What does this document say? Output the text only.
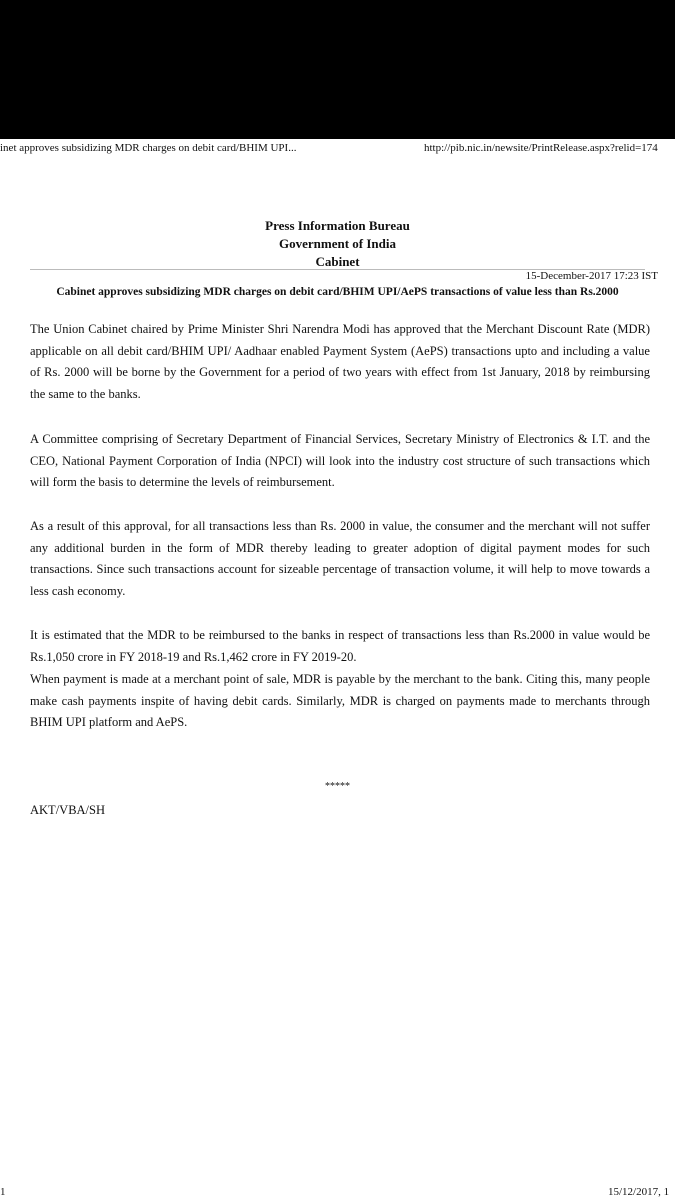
inet approves subsidizing MDR charges on debit card/BHIM UPI...	http://pib.nic.in/newsite/PrintRelease.aspx?relid=174
Press Information Bureau
Government of India
Cabinet
15-December-2017 17:23 IST
Cabinet approves subsidizing MDR charges on debit card/BHIM UPI/AePS transactions of value less than Rs.2000

The Union Cabinet chaired by Prime Minister Shri Narendra Modi has approved that the Merchant Discount Rate (MDR) applicable on all debit card/BHIM UPI/ Aadhaar enabled Payment System (AePS) transactions upto and including a value of Rs. 2000 will be borne by the Government for a period of two years with effect from 1st January, 2018 by reimbursing the same to the banks.

A Committee comprising of Secretary Department of Financial Services, Secretary Ministry of Electronics & I.T. and the CEO, National Payment Corporation of India (NPCI) will look into the industry cost structure of such transactions which will form the basis to determine the levels of reimbursement.

As a result of this approval, for all transactions less than Rs. 2000 in value, the consumer and the merchant will not suffer any additional burden in the form of MDR thereby leading to greater adoption of digital payment modes for such transactions. Since such transactions account for sizeable percentage of transaction volume, it will help to move towards a less cash economy.

It is estimated that the MDR to be reimbursed to the banks in respect of transactions less than Rs.2000 in value would be Rs.1,050 crore in FY 2018-19 and Rs.1,462 crore in FY 2019-20.

When payment is made at a merchant point of sale, MDR is payable by the merchant to the bank. Citing this, many people make cash payments inspite of having debit cards. Similarly, MDR is charged on payments made to merchants through BHIM UPI platform and AePS.

*****
AKT/VBA/SH
1	15/12/2017, 1
